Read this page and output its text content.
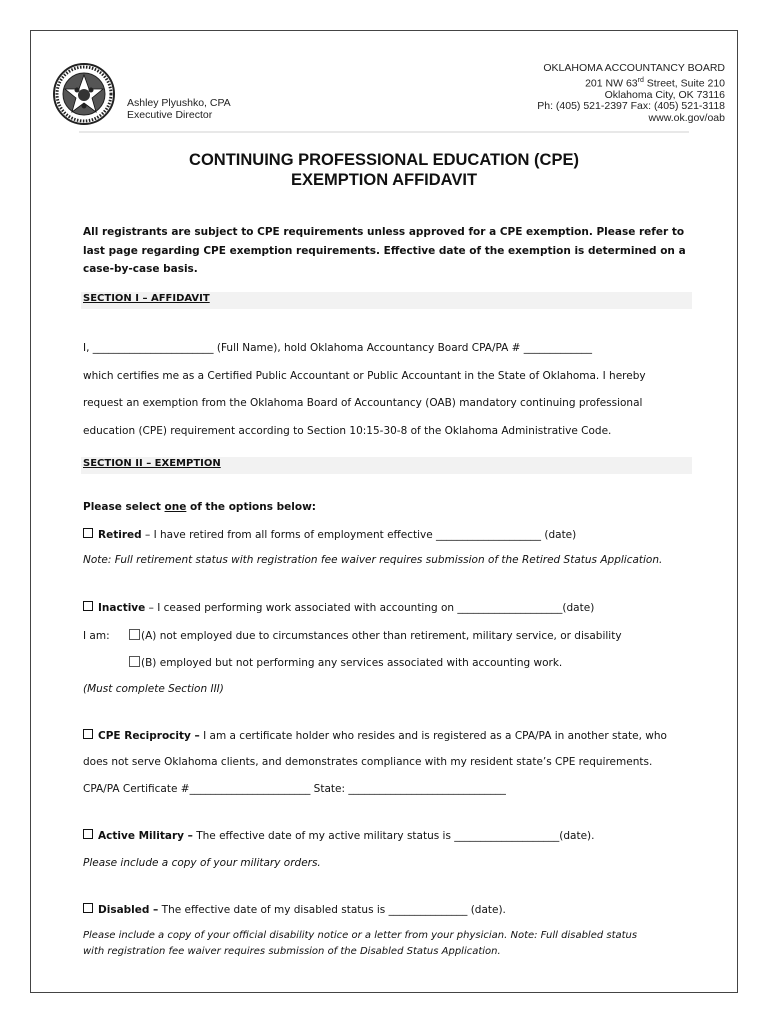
Ashley Plyushko, CPA
Executive Director
OKLAHOMA ACCOUNTANCY BOARD
201 NW 63rd Street, Suite 210
Oklahoma City, OK 73116
Ph: (405) 521-2397 Fax: (405) 521-3118
www.ok.gov/oab
CONTINUING PROFESSIONAL EDUCATION (CPE)
EXEMPTION AFFIDAVIT
All registrants are subject to CPE requirements unless approved for a CPE exemption. Please refer to last page regarding CPE exemption requirements. Effective date of the exemption is determined on a case-by-case basis.
SECTION I – AFFIDAVIT
I, _______________________ (Full Name), hold Oklahoma Accountancy Board CPA/PA # _____________
which certifies me as a Certified Public Accountant or Public Accountant in the State of Oklahoma. I hereby
request an exemption from the Oklahoma Board of Accountancy (OAB) mandatory continuing professional
education (CPE) requirement according to Section 10:15-30-8 of the Oklahoma Administrative Code.
SECTION II – EXEMPTION
Please select one of the options below:
Retired – I have retired from all forms of employment effective ____________________ (date)
Note: Full retirement status with registration fee waiver requires submission of the Retired Status Application.
Inactive – I ceased performing work associated with accounting on ____________________(date)
I am:	(A) not employed due to circumstances other than retirement, military service, or disability
(B) employed but not performing any services associated with accounting work.
(Must complete Section III)
CPE Reciprocity – I am a certificate holder who resides and is registered as a CPA/PA in another state, who
does not serve Oklahoma clients, and demonstrates compliance with my resident state’s CPE requirements.
CPA/PA Certificate #_______________________ State: ______________________________
Active Military – The effective date of my active military status is ____________________(date).
Please include a copy of your military orders.
Disabled – The effective date of my disabled status is _______________ (date).
Please include a copy of your official disability notice or a letter from your physician. Note: Full disabled status
with registration fee waiver requires submission of the Disabled Status Application.
